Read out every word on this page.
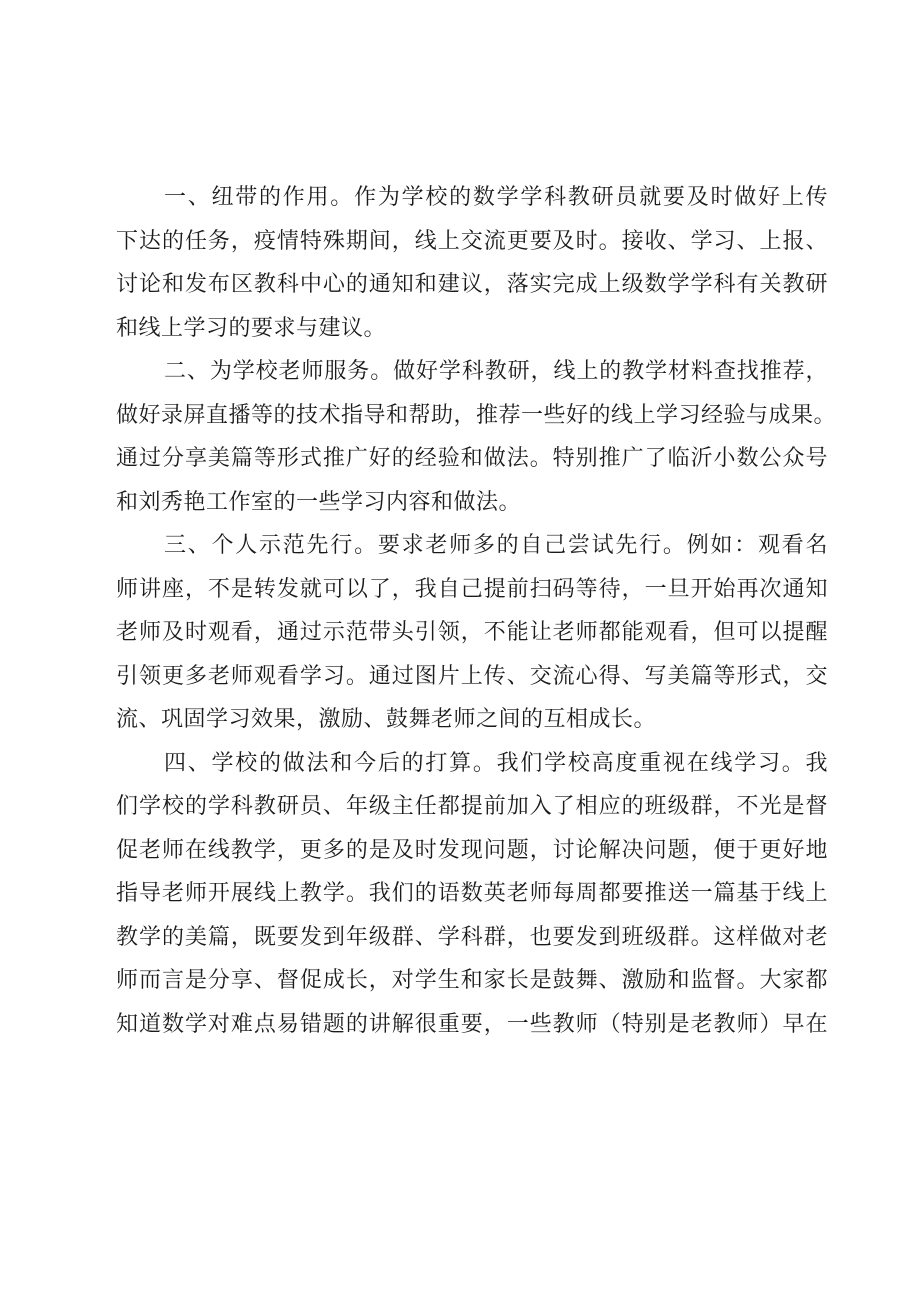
一、纽带的作用。作为学校的数学学科教研员就要及时做好上传
下达的任务，疫情特殊期间，线上交流更要及时。接收、学习、上报、
讨论和发布区教科中心的通知和建议，落实完成上级数学学科有关教研
和线上学习的要求与建议。
二、为学校老师服务。做好学科教研，线上的教学材料查找推荐，
做好录屏直播等的技术指导和帮助，推荐一些好的线上学习经验与成果。
通过分享美篇等形式推广好的经验和做法。特别推广了临沂小数公众号
和刘秀艳工作室的一些学习内容和做法。
三、个人示范先行。要求老师多的自己尝试先行。例如：观看名
师讲座，不是转发就可以了，我自己提前扫码等待，一旦开始再次通知
老师及时观看，通过示范带头引领，不能让老师都能观看，但可以提醒
引领更多老师观看学习。通过图片上传、交流心得、写美篇等形式，交
流、巩固学习效果，激励、鼓舞老师之间的互相成长。
四、学校的做法和今后的打算。我们学校高度重视在线学习。我
们学校的学科教研员、年级主任都提前加入了相应的班级群，不光是督
促老师在线教学，更多的是及时发现问题，讨论解决问题，便于更好地
指导老师开展线上教学。我们的语数英老师每周都要推送一篇基于线上
教学的美篇，既要发到年级群、学科群，也要发到班级群。这样做对老
师而言是分享、督促成长，对学生和家长是鼓舞、激励和监督。大家都
知道数学对难点易错题的讲解很重要，一些教师（特别是老教师）早在
